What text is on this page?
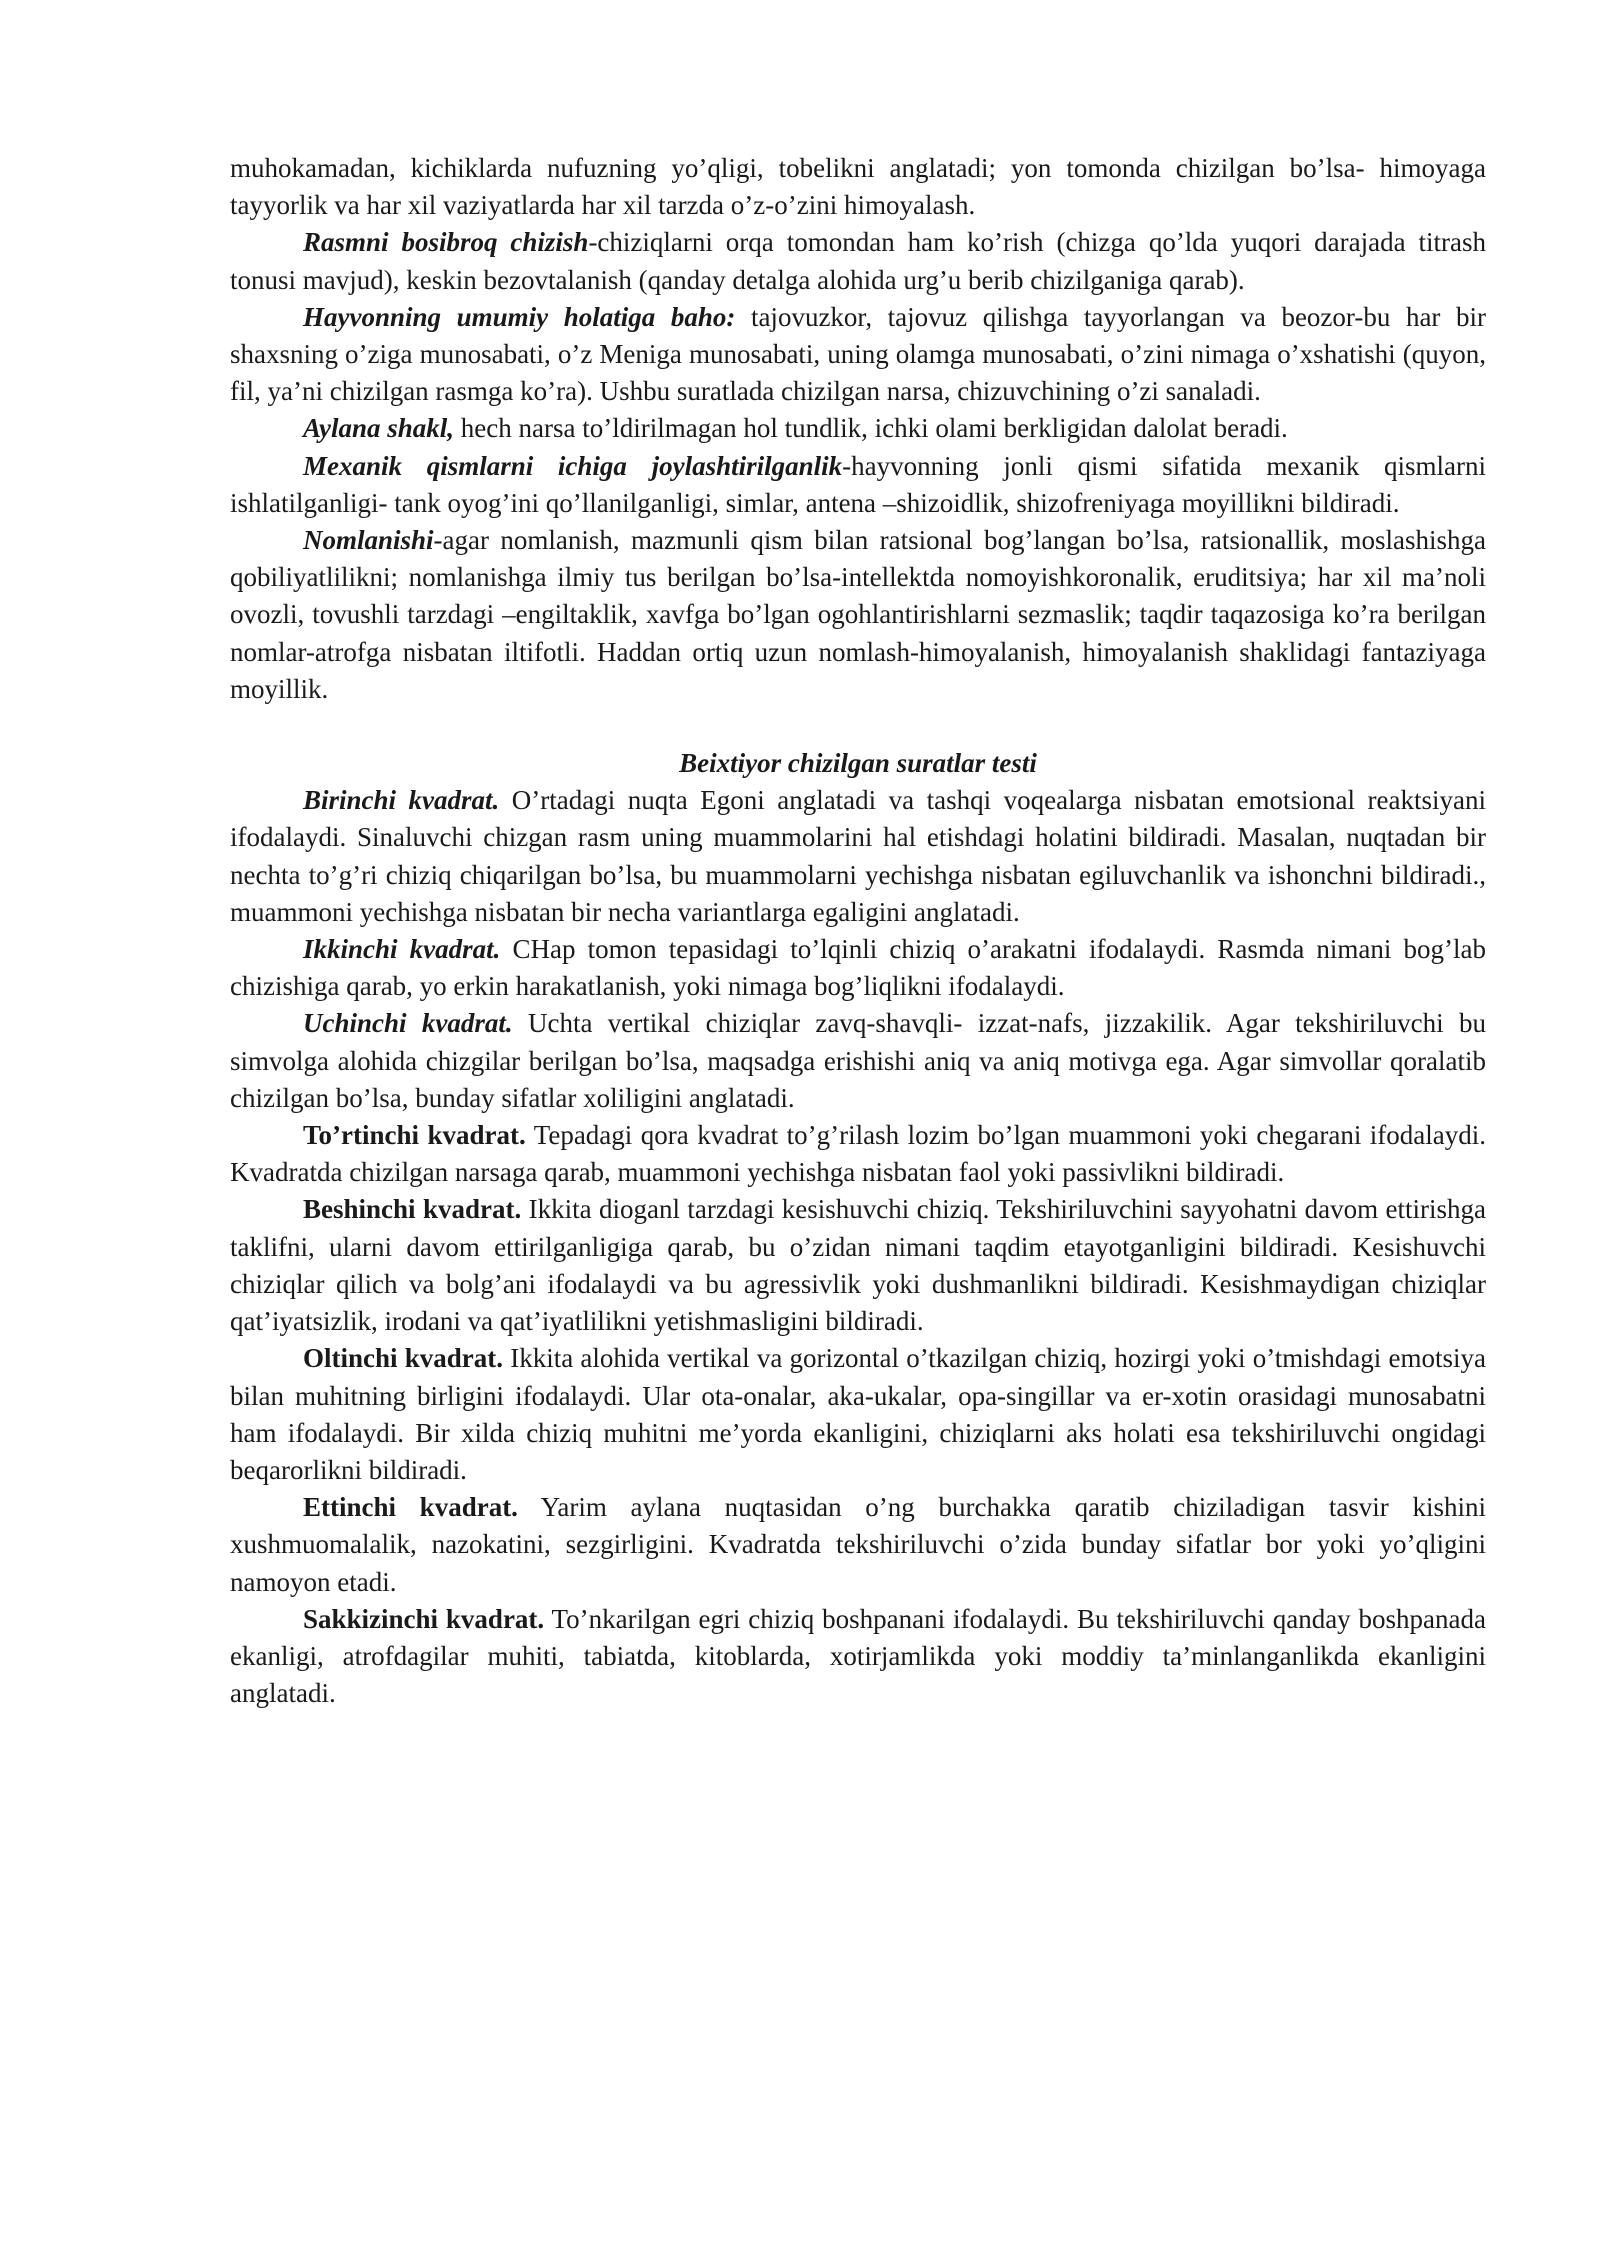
muhokamadan, kichiklarda nufuzning yo’qligi, tobelikni anglatadi; yon tomonda chizilgan bo’lsa- himoyaga tayyorlik va har xil vaziyatlarda har xil tarzda o’z-o’zini himoyalash.

Rasmni bosibroq chizish-chiziqlarni orqa tomondan ham ko’rish (chizga qo’lda yuqori darajada titrash tonusi mavjud), keskin bezovtalanish (qanday detalga alohida urg’u berib chizilganiga qarab).

Hayvonning umumiy holatiga baho: tajovuzkor, tajovuz qilishga tayyorlangan va beozor-bu har bir shaxsning o’ziga munosabati, o’z Meniga munosabati, uning olamga munosabati, o’zini nimaga o’xshatishi (quyon, fil, ya’ni chizilgan rasmga ko’ra). Ushbu suratlada chizilgan narsa, chizuvchining o’zi sanaladi.

Aylana shakl, hech narsa to’ldirilmagan hol tundlik, ichki olami berkligidan dalolat beradi.

Mexanik qismlarni ichiga joylashtirilganlik-hayvonning jonli qismi sifatida mexanik qismlarni ishlatilganligi- tank oyog’ini qo’llanilganligi, simlar, antena –shizoidlik, shizofreniyaga moyillikni bildiradi.

Nomlanishi-agar nomlanish, mazmunli qism bilan ratsional bog’langan bo’lsa, ratsionallik, moslashishga qobiliyatlilikni; nomlanishga ilmiy tus berilgan bo’lsa-intellektda nomoyishkoronalik, eruditsiya; har xil ma’noli ovozli, tovushli tarzdagi –engiltaklik, xavfga bo’lgan ogohlantirishlarni sezmaslik; taqdir taqazosiga ko’ra berilgan nomlar-atrofga nisbatan iltifotli. Haddan ortiq uzun nomlash-himoyalanish, himoyalanish shaklidagi fantaziyaga moyillik.

Beixtiyor chizilgan suratlar testi

Birinchi kvadrat. O’rtadagi nuqta Egoni anglatadi va tashqi voqealarga nisbatan emotsional reaktsiyani ifodalaydi. Sinaluvchi chizgan rasm uning muammolarini hal etishdagi holatini bildiradi. Masalan, nuqtadan bir nechta to’g’ri chiziq chiqarilgan bo’lsa, bu muammolarni yechishga nisbatan egiluvchanlik va ishonchni bildiradi., muammoni yechishga nisbatan bir necha variantlarga egaligini anglatadi.

Ikkinchi kvadrat. CHap tomon tepasidagi to’lqinli chiziq o’arakatni ifodalaydi. Rasmda nimani bog’lab chizishiga qarab, yo erkin harakatlanish, yoki nimaga bog’liqlikni ifodalaydi.

Uchinchi kvadrat. Uchta vertikal chiziqlar zavq-shavqli- izzat-nafs, jizzakilik. Agar tekshiriluvchi bu simvolga alohida chizgilar berilgan bo’lsa, maqsadga erishishi aniq va aniq motivga ega. Agar simvollar qoralatib chizilgan bo’lsa, bunday sifatlar xoliligini anglatadi.

To’rtinchi kvadrat. Tepadagi qora kvadrat to’g’rilash lozim bo’lgan muammoni yoki chegarani ifodalaydi. Kvadratda chizilgan narsaga qarab, muammoni yechishga nisbatan faol yoki passivlikni bildiradi.

Beshinchi kvadrat. Ikkita dioganl tarzdagi kesishuvchi chiziq. Tekshiriluvchini sayyohatni davom ettirishga taklifni, ularni davom ettirilganligiga qarab, bu o’zidan nimani taqdim etayotganligini bildiradi. Kesishuvchi chiziqlar qilich va bolg’ani ifodalaydi va bu agressivlik yoki dushmanlikni bildiradi. Kesishmaydigan chiziqlar qat’iyatsizlik, irodani va qat’iyatlilikni yetishmasligini bildiradi.

Oltinchi kvadrat. Ikkita alohida vertikal va gorizontal o’tkazilgan chiziq, hozirgi yoki o’tmishdagi emotsiya bilan muhitning birligini ifodalaydi. Ular ota-onalar, aka-ukalar, opa-singillar va er-xotin orasidagi munosabatni ham ifodalaydi. Bir xilda chiziq muhitni me’yorda ekanligini, chiziqlarni aks holati esa tekshiriluvchi ongidagi beqarorlikni bildiradi.

Ettinchi kvadrat. Yarim aylana nuqtasidan o’ng burchakka qaratib chiziladigan tasvir kishini xushmuomalalik, nazokatini, sezgirligini. Kvadratda tekshiriluvchi o’zida bunday sifatlar bor yoki yo’qligini namoyon etadi.

Sakkizinchi kvadrat. To’nkarilgan egri chiziq boshpanani ifodalaydi. Bu tekshiriluvchi qanday boshpanada ekanligi, atrofdagilar muhiti, tabiatda, kitoblarda, xotirjamlikda yoki moddiy ta’minlanganlikda ekanligini anglatadi.
